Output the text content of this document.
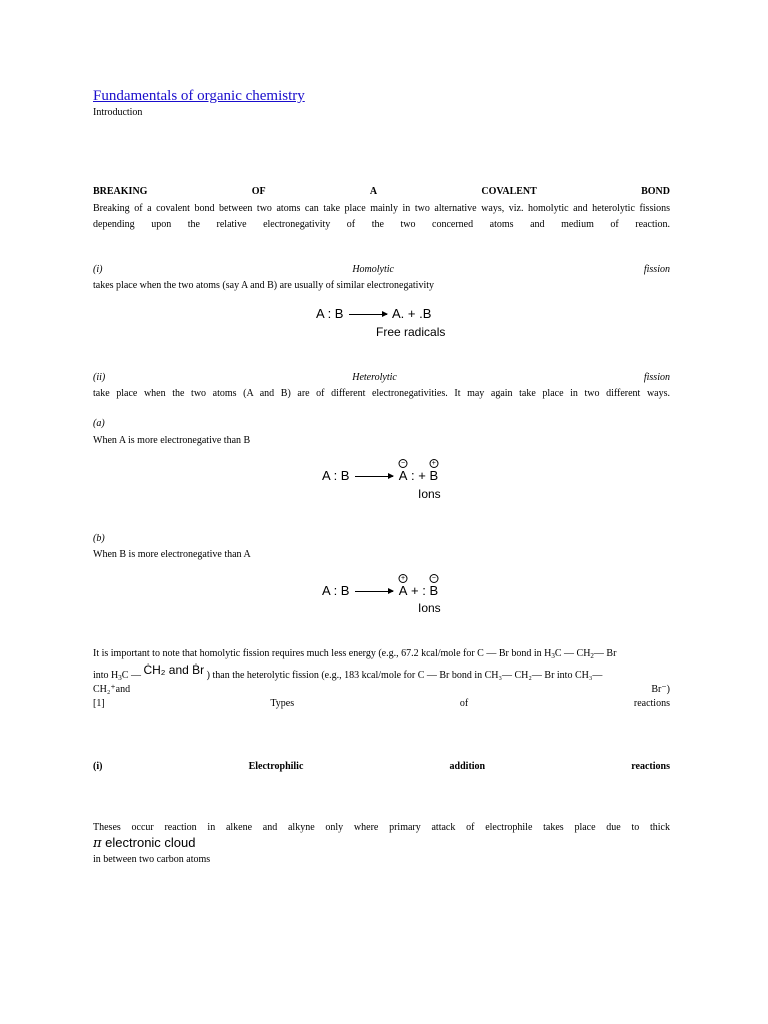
Fundamentals of organic chemistry
Introduction
BREAKING	OF	A	COVALENT	BOND
Breaking of a covalent bond between two atoms can take place mainly in two alternative ways, viz. homolytic and heterolytic fissions depending upon the relative electronegativity of the two concerned atoms and medium of reaction.
(i)	Homolytic	fission
takes place when the two atoms (say A and B) are usually of similar electronegativity
A : B → A. + .B
Free radicals
(ii)	Heterolytic	fission
take place when the two atoms (A and B) are of different electronegativities. It may again take place in two different ways.
(a)
When A is more electronegative than B
A : B →
−
A : +
+
B
Ions
(b)
When B is more electronegative than A
A : B →
+
A + :
−
B
Ions
It is important to note that homolytic fission requires much less energy (e.g., 67.2 kcal/mole for C — Br bond in $H_3C$ — $CH_2—$ Br
into $H_3C$ — ĊH₂ and Ḃr ) than the heterolytic fission (e.g., 183 kcal/mole for C — Br bond in CH₃— CH₂— Br into CH₃—
CH₂⁺and	Br⁻)
[1]	Types	of	reactions
(i)	Electrophilic	addition	reactions
Theses occur reaction in alkene and alkyne only where primary attack of electrophile takes place due to thick
π electronic cloud
in between two carbon atoms
